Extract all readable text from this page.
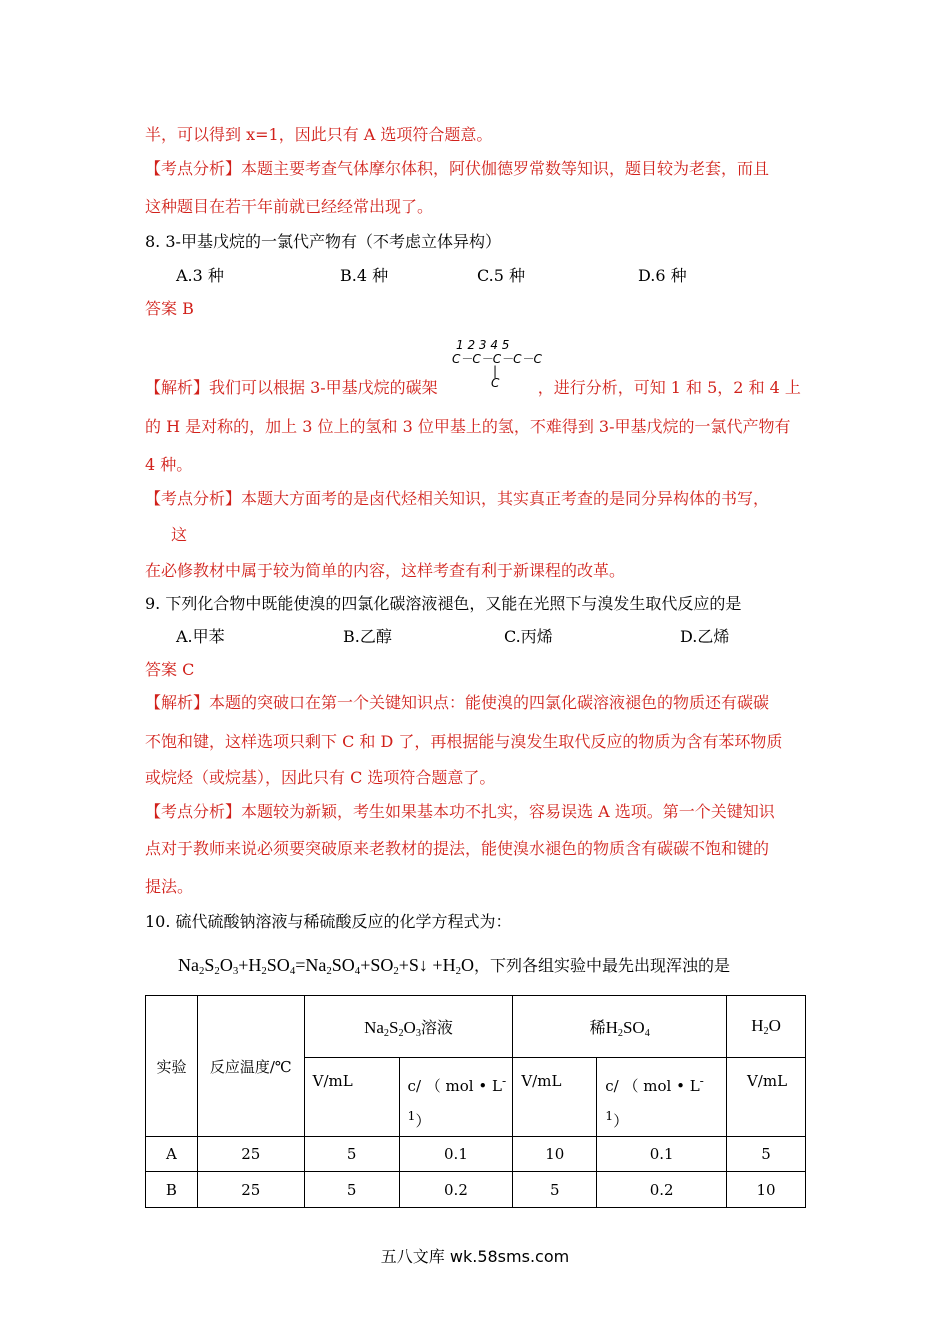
半，可以得到 x=1，因此只有 A 选项符合题意。
【考点分析】本题主要考查气体摩尔体积，阿伏伽德罗常数等知识，题目较为老套，而且
这种题目在若干年前就已经经常出现了。
8. 3-甲基戊烷的一氯代产物有（不考虑立体异构）
A.3 种	B.4 种	C.5 种	D.6 种
答案 B
1 2 3 4 5
C－C－C－C－C
|
C
【解析】我们可以根据 3-甲基戊烷的碳架	，进行分析，可知 1 和 5，2 和 4 上
的 H 是对称的，加上 3 位上的氢和 3 位甲基上的氢，不难得到 3-甲基戊烷的一氯代产物有
4 种。
【考点分析】本题大方面考的是卤代烃相关知识，其实真正考查的是同分异构体的书写，
这
在必修教材中属于较为简单的内容，这样考查有利于新课程的改革。
9. 下列化合物中既能使溴的四氯化碳溶液褪色，又能在光照下与溴发生取代反应的是
A.甲苯	B.乙醇	C.丙烯	D.乙烯
答案 C
【解析】本题的突破口在第一个关键知识点：能使溴的四氯化碳溶液褪色的物质还有碳碳
不饱和键，这样选项只剩下 C 和 D 了，再根据能与溴发生取代反应的物质为含有苯环物质
或烷烃（或烷基），因此只有 C 选项符合题意了。
【考点分析】本题较为新颖，考生如果基本功不扎实，容易误选 A 选项。第一个关键知识
点对于教师来说必须要突破原来老教材的提法，能使溴水褪色的物质含有碳碳不饱和键的
提法。
10. 硫代硫酸钠溶液与稀硫酸反应的化学方程式为：
$Na_2S_2O_3+H_2SO_4=Na_2SO_4+SO_2+S↓ +H_2O$，下列各组实验中最先出现浑浊的是
实验	反应温度/℃	$Na_2S_2O_3$溶液		稀$H_2SO_4$		$H_2O$
		V/mL	c/ （ mol • L-
$^1$）	V/mL	c/ （ mol • L-
$^1$）	V/mL
A	25	5	0.1	10	0.1	5
B	25	5	0.2	5	0.2	10
五八文库 wk.58sms.com
